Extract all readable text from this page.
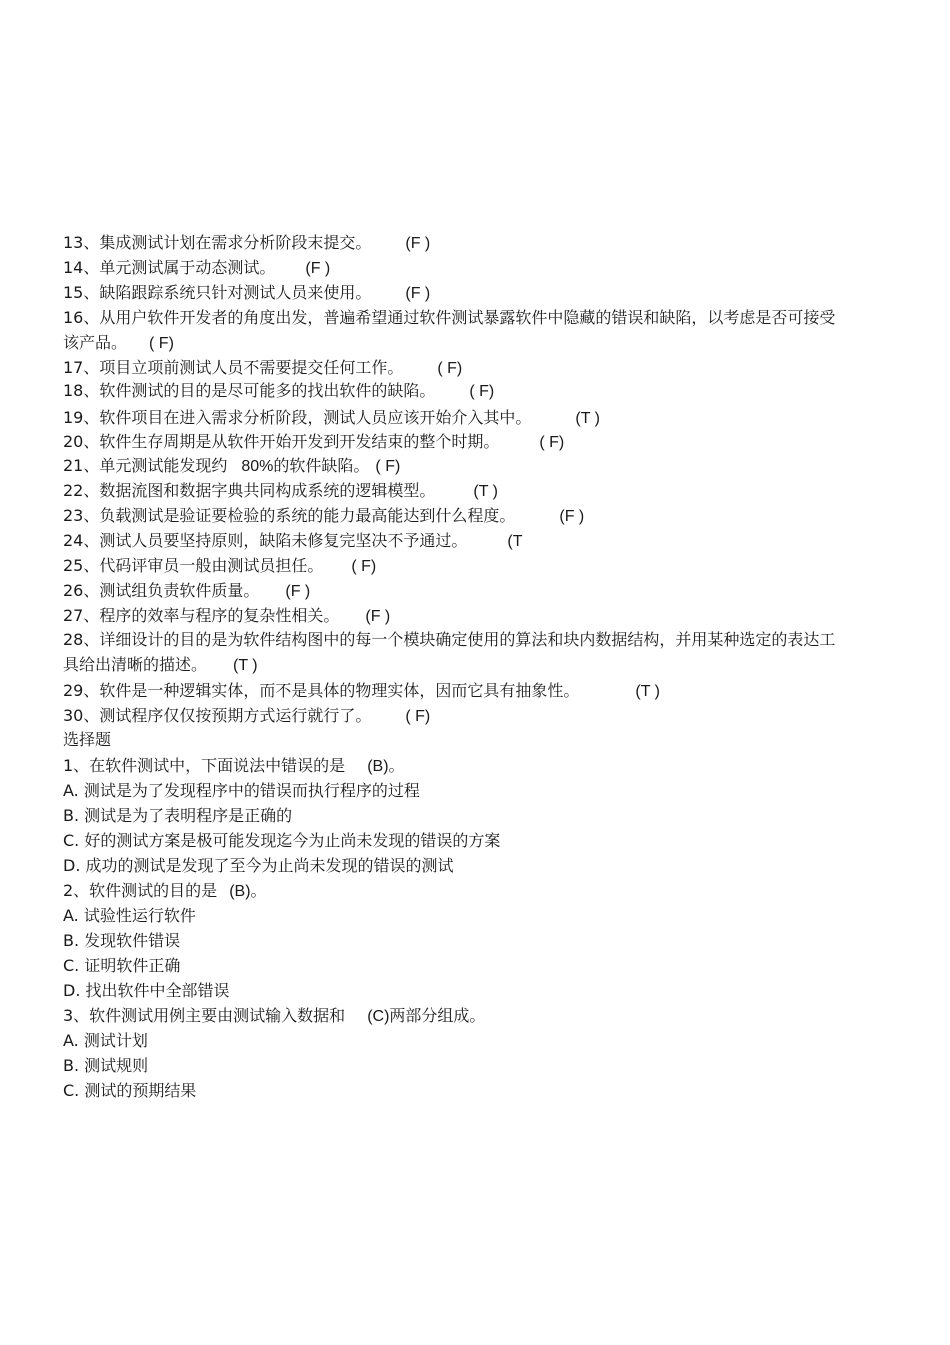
13、集成测试计划在需求分析阶段末提交。 (F )
14、单元测试属于动态测试。 (F )
15、缺陷跟踪系统只针对测试人员来使用。 (F )
16、从用户软件开发者的角度出发，普遍希望通过软件测试暴露软件中隐藏的错误和缺陷，以考虑是否可接受该产品。 ( F)
17、项目立项前测试人员不需要提交任何工作。 ( F)
18、软件测试的目的是尽可能多的找出软件的缺陷。 ( F)
19、软件项目在进入需求分析阶段，测试人员应该开始介入其中。	(T )
20、软件生存周期是从软件开始开发到开发结束的整个时期。	( F)
21、单元测试能发现约 80%的软件缺陷。 ( F)
22、数据流图和数据字典共同构成系统的逻辑模型。 (T )
23、负载测试是验证要检验的系统的能力最高能达到什么程度。	(F )
24、测试人员要坚持原则，缺陷未修复完坚决不予通过。	(T
25、代码评审员一般由测试员担任。 ( F)
26、测试组负责软件质量。 (F )
27、程序的效率与程序的复杂性相关。 (F )
28、详细设计的目的是为软件结构图中的每一个模块确定使用的算法和块内数据结构，并用某种选定的表达工具给出清晰的描述。 (T )
29、软件是一种逻辑实体，而不是具体的物理实体，因而它具有抽象性。	(T )
30、测试程序仅仅按预期方式运行就行了。 ( F)
选择题
1、在软件测试中，下面说法中错误的是 (B)。
A. 测试是为了发现程序中的错误而执行程序的过程
B. 测试是为了表明程序是正确的
C. 好的测试方案是极可能发现迄今为止尚未发现的错误的方案
D. 成功的测试是发现了至今为止尚未发现的错误的测试
2、软件测试的目的是 (B)。
A. 试验性运行软件
B. 发现软件错误
C. 证明软件正确
D. 找出软件中全部错误
3、软件测试用例主要由测试输入数据和 (C)两部分组成。
A. 测试计划
B. 测试规则
C. 测试的预期结果
